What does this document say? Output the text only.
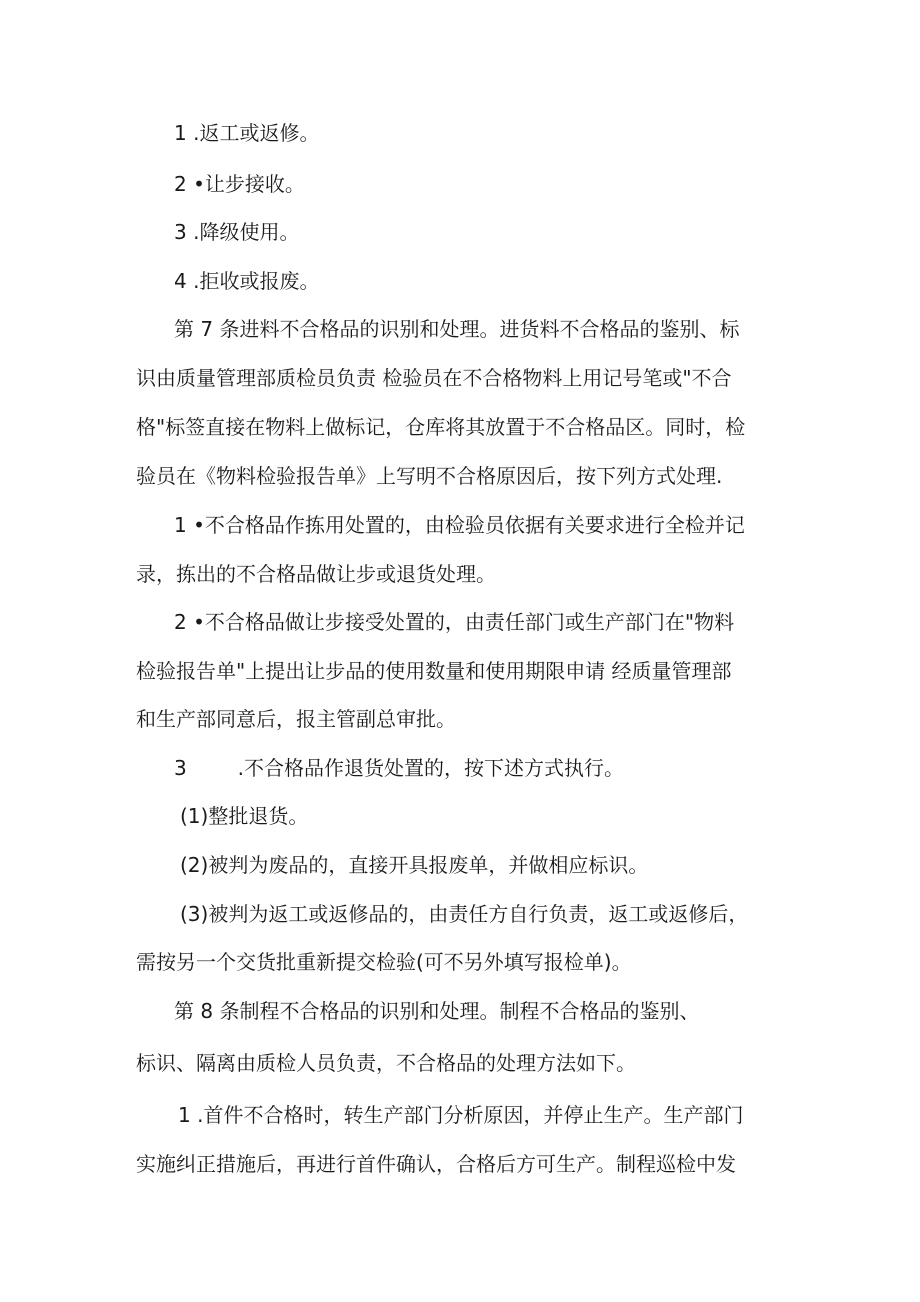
1 .返工或返修。

2 •让步接收。

3 .降级使用。

4 .拒收或报废。

第 7 条进料不合格品的识别和处理。进货料不合格品的鉴别、标

识由质量管理部质检员负责 检验员在不合格物料上用记号笔或"不合

格"标签直接在物料上做标记，仓库将其放置于不合格品区。同时，检

验员在《物料检验报告单》上写明不合格原因后，按下列方式处理.

1 •不合格品作拣用处置的，由检验员依据有关要求进行全检并记

录，拣出的不合格品做让步或退货处理。

2 •不合格品做让步接受处置的，由责任部门或生产部门在"物料

检验报告单"上提出让步品的使用数量和使用期限申请 经质量管理部

和生产部同意后，报主管副总审批。

3        .不合格品作退货处置的，按下述方式执行。

(1)整批退货。

(2)被判为废品的，直接开具报废单，并做相应标识。

(3)被判为返工或返修品的，由责任方自行负责，返工或返修后，

需按另一个交货批重新提交检验(可不另外填写报检单)。

第 8 条制程不合格品的识别和处理。制程不合格品的鉴别、

标识、隔离由质检人员负责，不合格品的处理方法如下。

1 .首件不合格时，转生产部门分析原因，并停止生产。生产部门

实施纠正措施后，再进行首件确认，合格后方可生产。制程巡检中发
